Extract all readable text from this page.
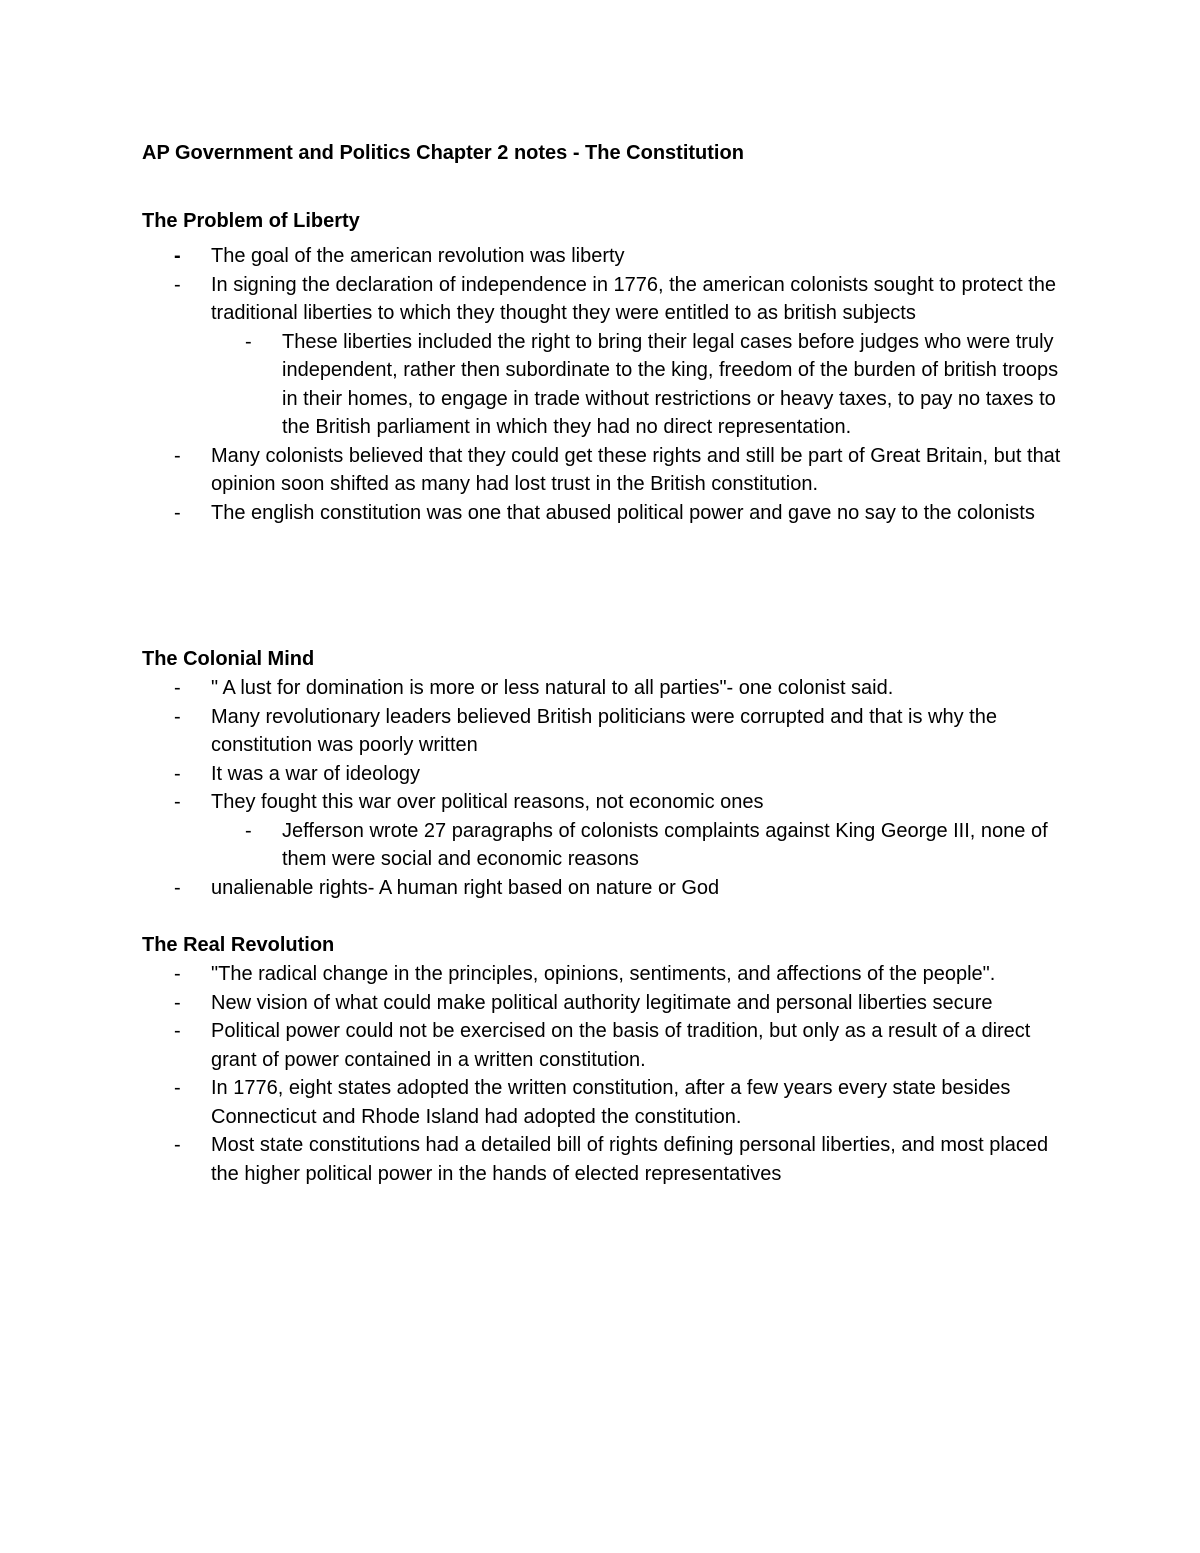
AP Government and Politics Chapter 2 notes - The Constitution
The Problem of Liberty
- The goal of the american revolution was liberty
- In signing the declaration of independence in 1776, the american colonists sought to protect the traditional liberties to which they thought they were entitled to as british subjects
- These liberties included the right to bring their legal cases before judges who were truly independent, rather then subordinate to the king, freedom of the burden of british troops in their homes, to engage in trade without restrictions or heavy taxes, to pay no taxes to the British parliament in which they had no direct representation.
- Many colonists believed that they could get these rights and still be part of Great Britain, but that opinion soon shifted as many had lost trust in the British constitution.
- The english constitution was one that abused political power and gave no say to the colonists
The Colonial Mind
- " A lust for domination is more or less natural to all parties"- one colonist said.
- Many revolutionary leaders believed British politicians were corrupted and that is why the constitution was poorly written
- It was a war of ideology
- They fought this war over political reasons, not economic ones
- Jefferson wrote 27 paragraphs of colonists complaints against King George III, none of them were social and economic reasons
- unalienable rights- A human right based on nature or God
The Real Revolution
- "The radical change in the principles, opinions, sentiments, and affections of the people".
- New vision of what could make political authority legitimate and personal liberties secure
- Political power could not be exercised on the basis of tradition, but only as a result of a direct grant of power contained in a written constitution.
- In 1776, eight states adopted the written constitution, after a few years every state besides Connecticut and Rhode Island had adopted the constitution.
- Most state constitutions had a detailed bill of rights defining personal liberties, and most placed the higher political power in the hands of elected representatives
